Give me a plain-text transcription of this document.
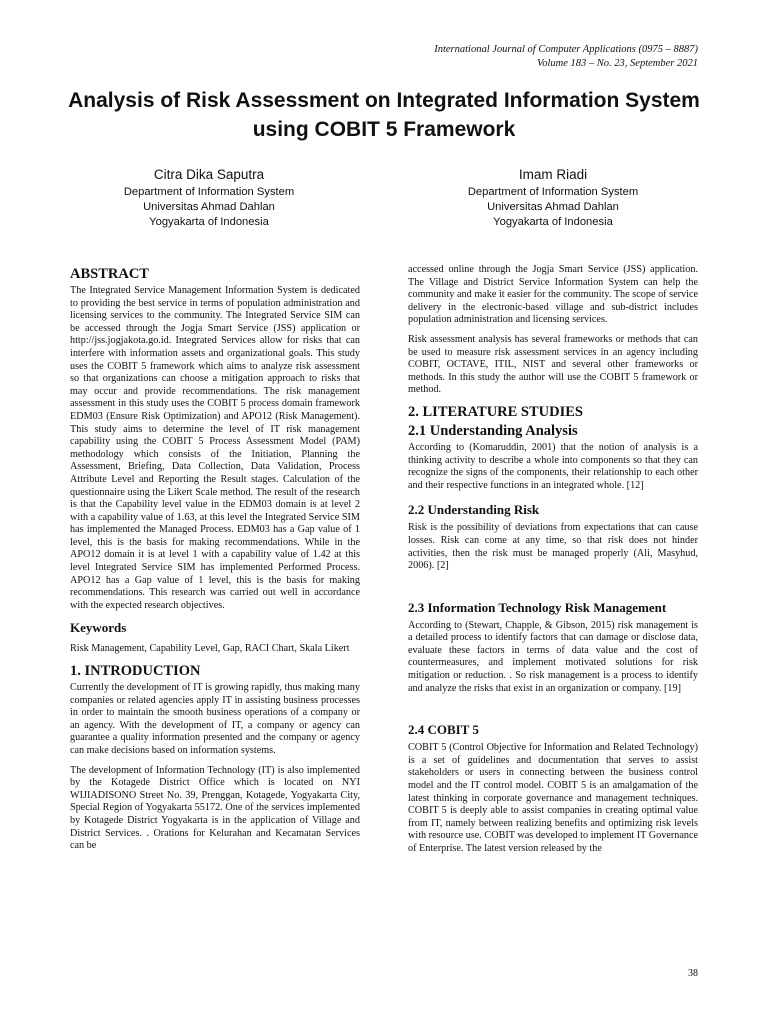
International Journal of Computer Applications (0975 – 8887)
Volume 183 – No. 23, September 2021
Analysis of Risk Assessment on Integrated Information System using COBIT 5 Framework
Citra Dika Saputra
Department of Information System
Universitas Ahmad Dahlan
Yogyakarta of Indonesia
Imam Riadi
Department of Information System
Universitas Ahmad Dahlan
Yogyakarta of Indonesia
ABSTRACT

The Integrated Service Management Information System is dedicated to providing the best service in terms of population administration and licensing services to the community. The Integrated Service SIM can be accessed through the Jogja Smart Service (JSS) application or http://jss.jogjakota.go.id. Integrated Services allow for risks that can interfere with information assets and organizational goals. This study uses the COBIT 5 framework which aims to analyze risk assessment so that organizations can choose a mitigation approach to risks that may occur and provide recommendations. The risk management assessment in this study uses the COBIT 5 process domain framework EDM03 (Ensure Risk Optimization) and APO12 (Risk Management). This study aims to determine the level of IT risk management capability using the COBIT 5 Process Assessment Model (PAM) methodology which consists of the Initiation, Planning the Assessment, Briefing, Data Collection, Data Validation, Process Attribute Level and Reporting the Result stages. Calculation of the questionnaire using the Likert Scale method. The result of the research is that the Capability level value in the EDM03 domain is at level 2 with a capability value of 1.63, at this level the Integrated Service SIM has implemented the Managed Process. EDM03 has a Gap value of 1 level, this is the basis for making recommendations. While in the APO12 domain it is at level 1 with a capability value of 1.42 at this level Integrated Service SIM has implemented Performed Process. APO12 has a Gap value of 1 level, this is the basis for making recommendations. This research was carried out well in accordance with the expected research objectives.

Keywords

Risk Management, Capability Level, Gap, RACI Chart, Skala Likert

1. INTRODUCTION

Currently the development of IT is growing rapidly, thus making many companies or related agencies apply IT in assisting business processes in order to maintain the smooth business operations of a company or an agency. With the development of IT, a company or agency can guarantee a quality information presented and the company or agency can make decisions based on information systems.

The development of Information Technology (IT) is also implemented by the Kotagede District Office which is located on NYI WIJIADISONO Street No. 39, Prenggan, Kotagede, Yogyakarta City, Special Region of Yogyakarta 55172. One of the services implemented by Kotagede District Yogyakarta is in the application of Village and District Services. . Orations for Kelurahan and Kecamatan Services can be

accessed online through the Jogja Smart Service (JSS) application. The Village and District Service Information System can help the community and make it easier for the community. The scope of service delivery in the electronic-based village and sub-district includes population administration and licensing services.

Risk assessment analysis has several frameworks or methods that can be used to measure risk assessment services in an agency including COBIT, OCTAVE, ITIL, NIST and several other frameworks or methods. In this study the author will use the COBIT 5 framework or method.

2. LITERATURE STUDIES
2.1 Understanding Analysis

According to (Komaruddin, 2001) that the notion of analysis is a thinking activity to describe a whole into components so that they can recognize the signs of the components, their relationship to each other and their respective functions in an integrated whole. [12]

2.2 Understanding Risk

Risk is the possibility of deviations from expectations that can cause losses. Risk can come at any time, so that risk does not hinder activities, then the risk must be managed properly (Ali, Masyhud, 2006). [2]

2.3 Information Technology Risk Management

According to (Stewart, Chapple, & Gibson, 2015) risk management is a detailed process to identify factors that can damage or disclose data, evaluate these factors in terms of data value and the cost of countermeasures, and implement motivated solutions for risk mitigation or reduction. . So risk management is a process to identify and analyze the risks that exist in an organization or company. [19]

2.4 COBIT 5

COBIT 5 (Control Objective for Information and Related Technology) is a set of guidelines and documentation that serves to assist stakeholders or users in connecting between the business control model and the IT control model. COBIT 5 is an amalgamation of the latest thinking in corporate governance and management techniques. COBIT 5 is deeply able to assist companies in creating optimal value from IT, namely between realizing benefits and optimizing risk levels with resource use. COBIT was developed to implement IT Governance of Enterprise. The latest version released by the

38
